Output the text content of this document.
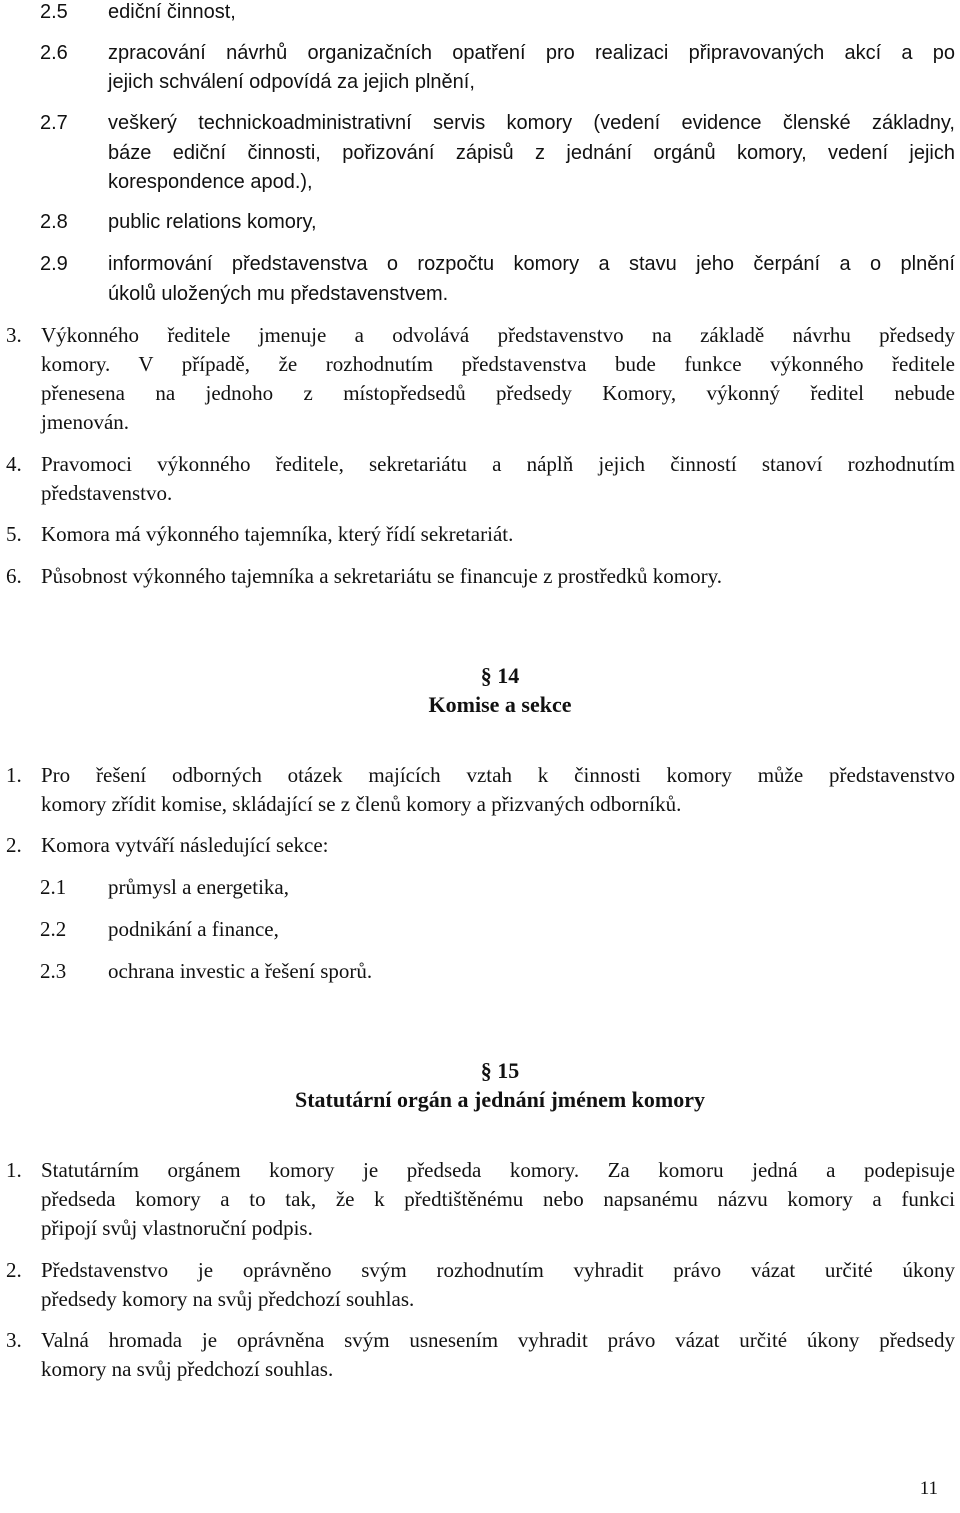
2.5 ediční činnost,
2.6 zpracování návrhů organizačních opatření pro realizaci připravovaných akcí a po
jejich schválení odpovídá za jejich plnění,
2.7 veškerý technickoadministrativní servis komory (vedení evidence členské základny,
báze ediční činnosti, pořizování zápisů z jednání orgánů komory, vedení jejich
korespondence apod.),
2.8 public relations komory,
2.9 informování představenstva o rozpočtu komory a stavu jeho čerpání a o plnění
úkolů uložených mu představenstvem.
3. Výkonného ředitele jmenuje a odvolává představenstvo na základě návrhu předsedy
komory. V případě, že rozhodnutím představenstva bude funkce výkonného ředitele
přenesena na jednoho z místopředsedů předsedy Komory, výkonný ředitel nebude
jmenován.
4. Pravomoci výkonného ředitele, sekretariátu a náplň jejich činností stanoví rozhodnutím
představenstvo.
5. Komora má výkonného tajemníka, který řídí sekretariát.
6. Působnost výkonného tajemníka a sekretariátu se financuje z prostředků komory.
§ 14
Komise a sekce
1. Pro řešení odborných otázek majících vztah k činnosti komory může představenstvo
komory zřídit komise, skládající se z členů komory a přizvaných odborníků.
2. Komora vytváří následující sekce:
2.1 průmysl a energetika,
2.2 podnikání a finance,
2.3 ochrana investic a řešení sporů.
§ 15
Statutární orgán a jednání jménem komory
1. Statutárním orgánem komory je předseda komory. Za komoru jedná a podepisuje
předseda komory a to tak, že k předtištěnému nebo napsanému názvu komory a funkci
připojí svůj vlastnoruční podpis.
2. Představenstvo je oprávněno svým rozhodnutím vyhradit právo vázat určité úkony
předsedy komory na svůj předchozí souhlas.
3. Valná hromada je oprávněna svým usnesením vyhradit právo vázat určité úkony předsedy
komory na svůj předchozí souhlas.
11
